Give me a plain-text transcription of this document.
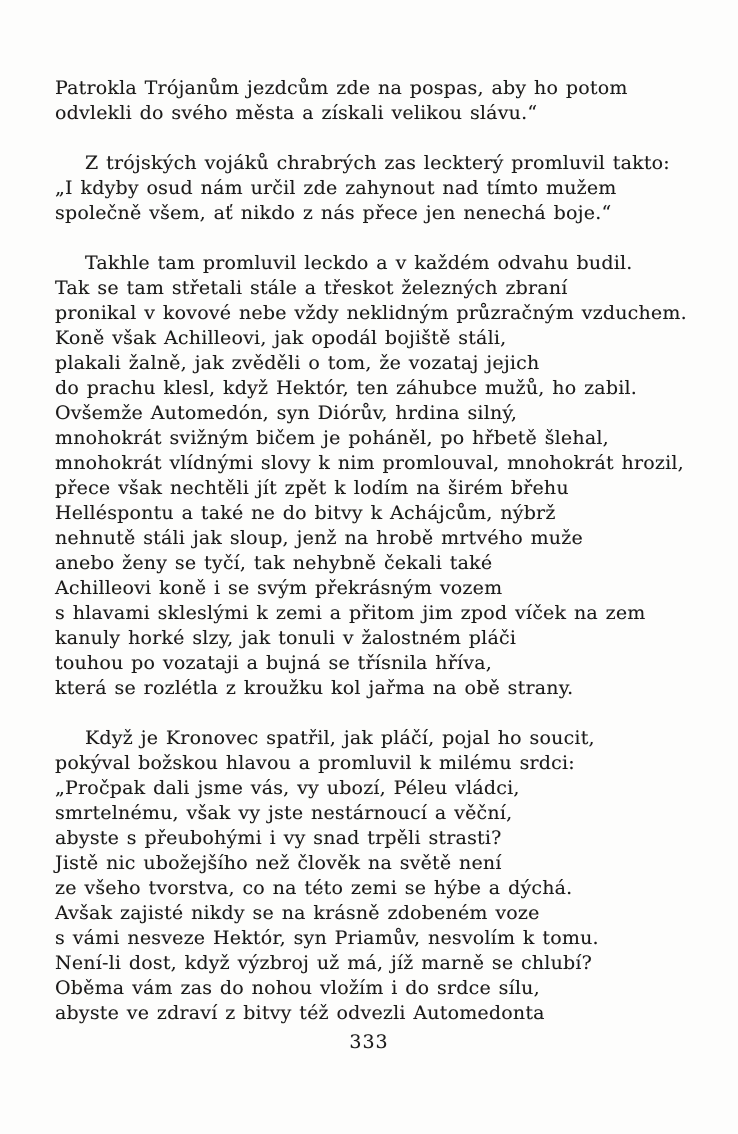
Patrokla Trójanům jezdcům zde na pospas, aby ho potom
odvlekli do svého města a získali velikou slávu.“
Z trójských vojáků chrabrých zas leckterý promluvil takto:
„I kdyby osud nám určil zde zahynout nad tímto mužem
společně všem, ať nikdo z nás přece jen nenechá boje.“
Takhle tam promluvil leckdo a v každém odvahu budil.
Tak se tam střetali stále a třeskot železných zbraní
pronikal v kovové nebe vždy neklidným průzračným vzduchem.
Koně však Achilleovi, jak opodál bojiště stáli,
plakali žalně, jak zvěděli o tom, že vozataj jejich
do prachu klesl, když Hektór, ten záhubce mužů, ho zabil.
Ovšemže Automedón, syn Diórův, hrdina silný,
mnohokrát svižným bičem je poháněl, po hřbetě šlehal,
mnohokrát vlídnými slovy k nim promlouval, mnohokrát hrozil,
přece však nechtěli jít zpět k lodím na širém břehu
Helléspontu a také ne do bitvy k Achájcům, nýbrž
nehnutě stáli jak sloup, jenž na hrobě mrtvého muže
anebo ženy se tyčí, tak nehybně čekali také
Achilleovi koně i se svým překrásným vozem
s hlavami skleslými k zemi a přitom jim zpod víček na zem
kanuly horké slzy, jak tonuli v žalostném pláči
touhou po vozataji a bujná se třísnila hříva,
která se rozlétla z kroužku kol jařma na obě strany.
Když je Kronovec spatřil, jak pláčí, pojal ho soucit,
pokýval božskou hlavou a promluvil k milému srdci:
„Pročpak dali jsme vás, vy ubozí, Péleu vládci,
smrtelnému, však vy jste nestárnoucí a věční,
abyste s přeubohými i vy snad trpěli strasti?
Jistě nic ubožejšího než člověk na světě není
ze všeho tvorstva, co na této zemi se hýbe a dýchá.
Avšak zajisté nikdy se na krásně zdobeném voze
s vámi nesveze Hektór, syn Priamův, nesvolím k tomu.
Není-li dost, když výzbroj už má, jíž marně se chlubí?
Oběma vám zas do nohou vložím i do srdce sílu,
abyste ve zdraví z bitvy též odvezli Automedonta
333
